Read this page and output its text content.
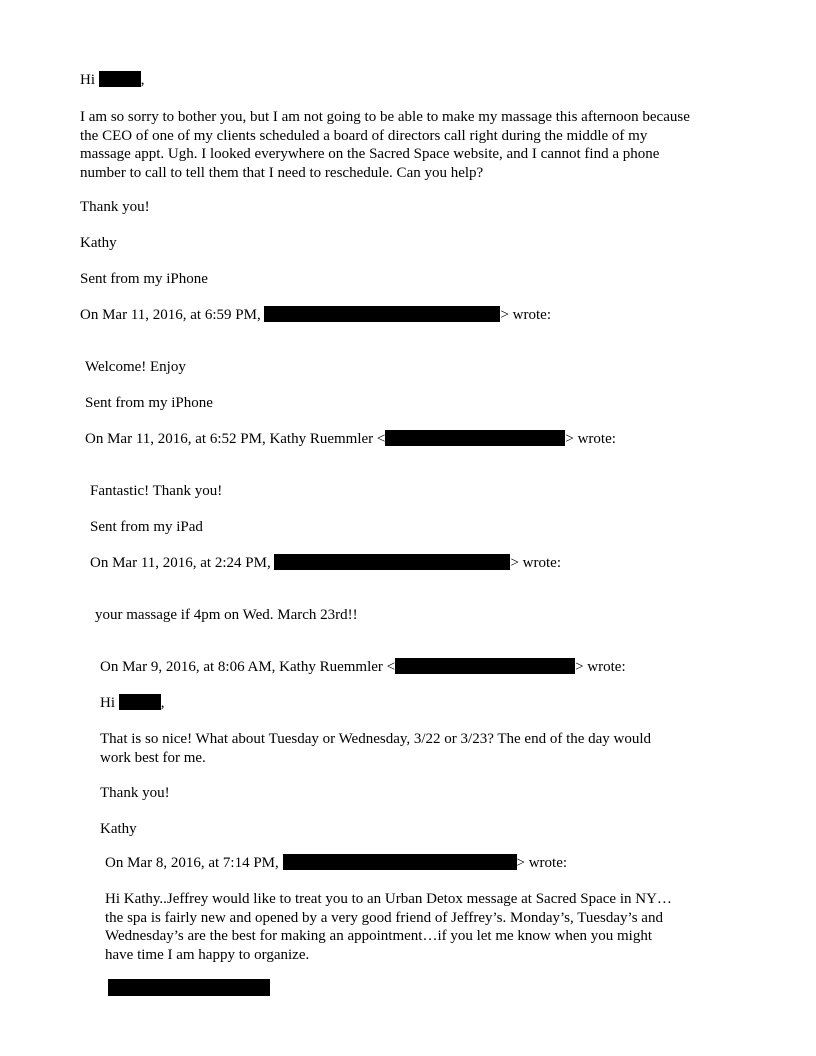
Hi	,

I am so sorry to bother you, but I am not going to be able to make my massage this afternoon because
the CEO of one of my clients scheduled a board of directors call right during the middle of my
massage appt. Ugh. I looked everywhere on the Sacred Space website, and I cannot find a phone
number to call to tell them that I need to reschedule. Can you help?

Thank you!

Kathy

Sent from my iPhone

On Mar 11, 2016, at 6:59 PM,	> wrote:

Welcome! Enjoy

Sent from my iPhone

On Mar 11, 2016, at 6:52 PM, Kathy Ruemmler <	> wrote:

Fantastic! Thank you!

Sent from my iPad

On Mar 11, 2016, at 2:24 PM,	> wrote:

your massage if 4pm on Wed. March 23rd!!

On Mar 9, 2016, at 8:06 AM, Kathy Ruemmler <	> wrote:

Hi	,

That is so nice! What about Tuesday or Wednesday, 3/22 or 3/23? The end of the day would
work best for me.

Thank you!

Kathy

On Mar 8, 2016, at 7:14 PM,	> wrote:

Hi Kathy..Jeffrey would like to treat you to an Urban Detox message at Sacred Space in NY…
the spa is fairly new and opened by a very good friend of Jeffrey’s. Monday’s, Tuesday’s and
Wednesday’s are the best for making an appointment…if you let me know when you might
have time I am happy to organize.
